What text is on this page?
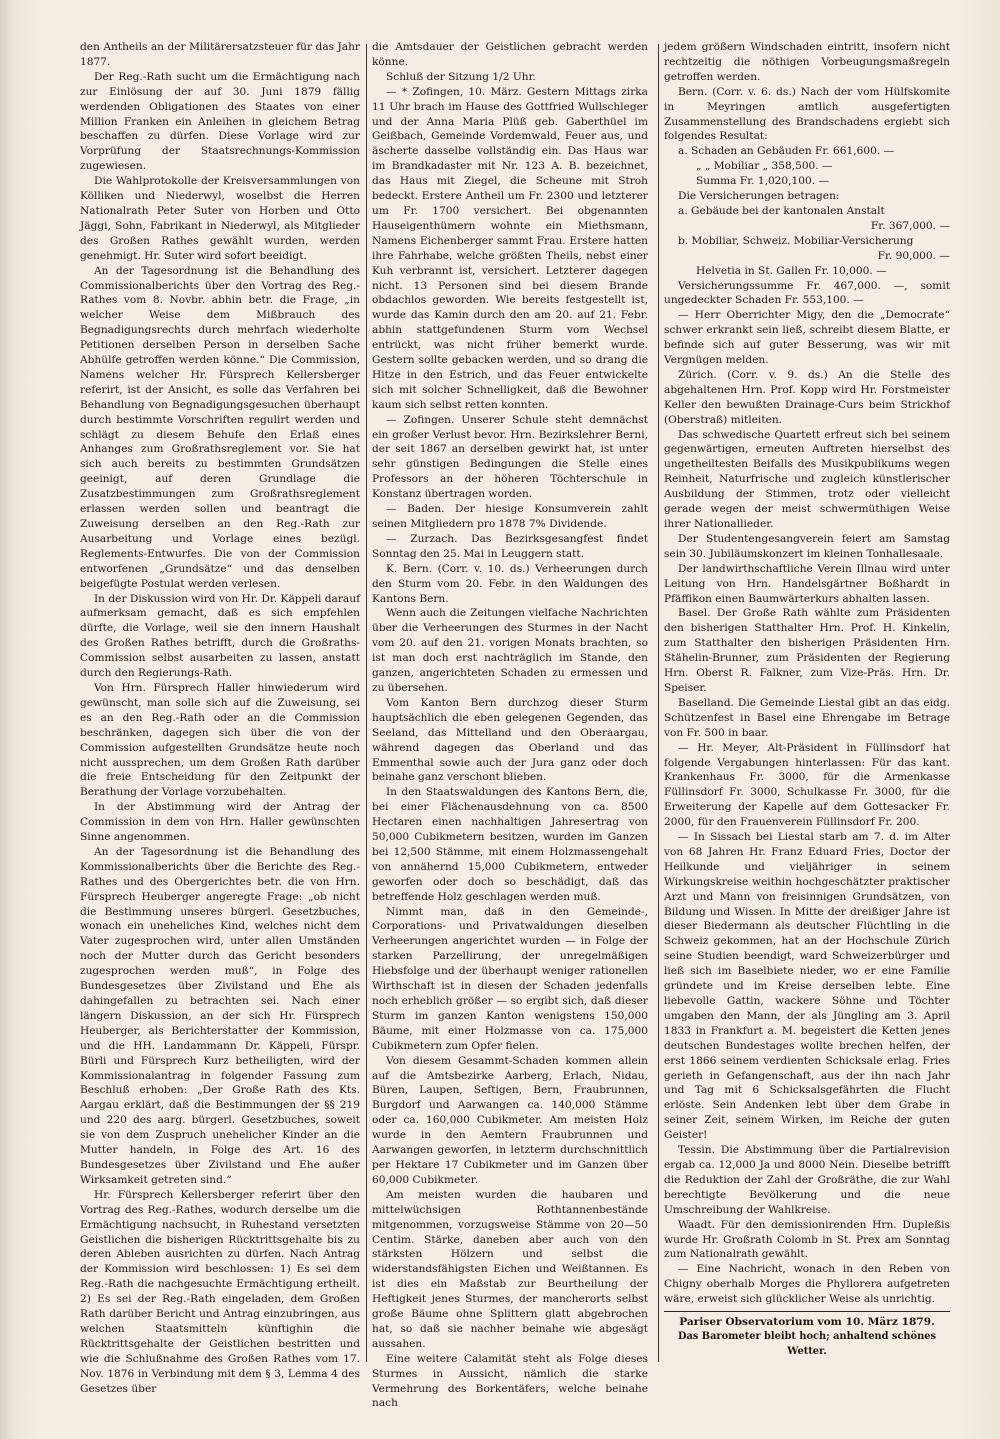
den Antheils an der Militärersatzsteuer für das Jahr 1877.

Der Reg.-Rath sucht um die Ermächtigung nach zur Einlösung der auf 30. Juni 1879 fällig werdenden Obligationen des Staates von einer Million Franken ein Anleihen in gleichem Betrag beschaffen zu dürfen. Diese Vorlage wird zur Vorprüfung der Staatsrechnungs-Kommission zugewiesen.

Die Wahlprotokolle der Kreisversammlungen von Kölliken und Niederwyl, woselbst die Herren Nationalrath Peter Suter von Horben und Otto Jäggi, Sohn, Fabrikant in Niederwyl, als Mitglieder des Großen Rathes gewählt wurden, werden genehmigt. Hr. Suter wird sofort beeidigt.

An der Tagesordnung ist die Behandlung des Commissionalberichts über den Vortrag des Reg.-Rathes vom 8. Novbr. abhin betr. die Frage, „in welcher Weise dem Mißbrauch des Begnadigungsrechts durch mehrfach wiederholte Petitionen derselben Person in derselben Sache Abhülfe getroffen werden könne.“ Die Commission, Namens welcher Hr. Fürsprech Kellersberger referirt, ist der Ansicht, es solle das Verfahren bei Behandlung von Begnadigungsgesuchen überhaupt durch bestimmte Vorschriften regulirt werden und schlägt zu diesem Behufe den Erlaß eines Anhanges zum Großrathsreglement vor. Sie hat sich auch bereits zu bestimmten Grundsätzen geeinigt, auf deren Grundlage die Zusatzbestimmungen zum Großrathsreglement erlassen werden sollen und beantragt die Zuweisung derselben an den Reg.-Rath zur Ausarbeitung und Vorlage eines bezügl. Reglements-Entwurfes. Die von der Commission entworfenen „Grundsätze“ und das denselben beigefügte Postulat werden verlesen.

In der Diskussion wird von Hr. Dr. Käppeli darauf aufmerksam gemacht, daß es sich empfehlen dürfte, die Vorlage, weil sie den innern Haushalt des Großen Rathes betrifft, durch die Großraths-Commission selbst ausarbeiten zu lassen, anstatt durch den Regierungs-Rath.

Von Hrn. Fürsprech Haller hinwiederum wird gewünscht, man solle sich auf die Zuweisung, sei es an den Reg.-Rath oder an die Commission beschränken, dagegen sich über die von der Commission aufgestellten Grundsätze heute noch nicht aussprechen, um dem Großen Rath darüber die freie Entscheidung für den Zeitpunkt der Berathung der Vorlage vorzubehalten.

In der Abstimmung wird der Antrag der Commission in dem von Hrn. Haller gewünschten Sinne angenommen.

An der Tagesordnung ist die Behandlung des Kommissionalberichts über die Berichte des Reg.-Rathes und des Obergerichtes betr. die von Hrn. Fürsprech Heuberger angeregte Frage: „ob nicht die Bestimmung unseres bürgerl. Gesetzbuches, wonach ein uneheliches Kind, welches nicht dem Vater zugesprochen wird, unter allen Umständen noch der Mutter durch das Gericht besonders zugesprochen werden muß“, in Folge des Bundesgesetzes über Zivilstand und Ehe als dahingefallen zu betrachten sei. Nach einer längern Diskussion, an der sich Hr. Fürsprech Heuberger, als Berichterstatter der Kommission, und die HH. Landammann Dr. Käppeli, Fürspr. Bürli und Fürsprech Kurz betheiligten, wird der Kommissionalantrag in folgender Fassung zum Beschluß erhoben: „Der Große Rath des Kts. Aargau erklärt, daß die Bestimmungen der §§ 219 und 220 des aarg. bürgerl. Gesetzbuches, soweit sie von dem Zuspruch unehelicher Kinder an die Mutter handeln, in Folge des Art. 16 des Bundesgesetzes über Zivilstand und Ehe außer Wirksamkeit getreten sind.“

Hr. Fürsprech Kellersberger referirt über den Vortrag des Reg.-Rathes, wodurch derselbe um die Ermächtigung nachsucht, in Ruhestand versetzten Geistlichen die bisherigen Rücktrittsgehalte bis zu deren Ableben ausrichten zu dürfen. Nach Antrag der Kommission wird beschlossen: 1) Es sei dem Reg.-Rath die nachgesuchte Ermächtigung ertheilt. 2) Es sei der Reg.-Rath eingeladen, dem Großen Rath darüber Bericht und Antrag einzubringen, aus welchen Staatsmitteln künftighin die Rücktrittsgehalte der Geistlichen bestritten und wie die Schlußnahme des Großen Rathes vom 17. Nov. 1876 in Verbindung mit dem § 3, Lemma 4 des Gesetzes über

die Amtsdauer der Geistlichen gebracht werden könne.

Schluß der Sitzung 1/2 Uhr.

— * Zofingen, 10. März. Gestern Mittags zirka 11 Uhr brach im Hause des Gottfried Wullschleger und der Anna Maria Plüß geb. Gaberthüel im Geißbach, Gemeinde Vordemwald, Feuer aus, und äscherte dasselbe vollständig ein. Das Haus war im Brandkadaster mit Nr. 123 A. B. bezeichnet, das Haus mit Ziegel, die Scheune mit Stroh bedeckt. Erstere Antheil um Fr. 2300 und letzterer um Fr. 1700 versichert. Bei obgenannten Hauseigenthümern wohnte ein Miethsmann, Namens Eichenberger sammt Frau. Erstere hatten ihre Fahrhabe, welche größten Theils, nebst einer Kuh verbrannt ist, versichert. Letzterer dagegen nicht. 13 Personen sind bei diesem Brande obdachlos geworden. Wie bereits festgestellt ist, wurde das Kamin durch den am 20. auf 21. Febr. abhin stattgefundenen Sturm vom Wechsel entrückt, was nicht früher bemerkt wurde. Gestern sollte gebacken werden, und so drang die Hitze in den Estrich, und das Feuer entwickelte sich mit solcher Schnelligkeit, daß die Bewohner kaum sich selbst retten konnten.

— Zofingen. Unserer Schule steht demnächst ein großer Verlust bevor. Hrn. Bezirkslehrer Berni, der seit 1867 an derselben gewirkt hat, ist unter sehr günstigen Bedingungen die Stelle eines Professors an der höheren Töchterschule in Konstanz übertragen worden.

— Baden. Der hiesige Konsumverein zahlt seinen Mitgliedern pro 1878 7% Dividende.

— Zurzach. Das Bezirksgesangfest findet Sonntag den 25. Mai in Leuggern statt.

K. Bern. (Corr. v. 10. ds.) Verheerungen durch den Sturm vom 20. Febr. in den Waldungen des Kantons Bern.

Wenn auch die Zeitungen vielfache Nachrichten über die Verheerungen des Sturmes in der Nacht vom 20. auf den 21. vorigen Monats brachten, so ist man doch erst nachträglich im Stande, den ganzen, angerichteten Schaden zu ermessen und zu übersehen.

Vom Kanton Bern durchzog dieser Sturm hauptsächlich die eben gelegenen Gegenden, das Seeland, das Mittelland und den Oberaargau, während dagegen das Oberland und das Emmenthal sowie auch der Jura ganz oder doch beinahe ganz verschont blieben.

In den Staatswaldungen des Kantons Bern, die, bei einer Flächenausdehnung von ca. 8500 Hectaren einen nachhaltigen Jahresertrag von 50,000 Cubikmetern besitzen, wurden im Ganzen bei 12,500 Stämme, mit einem Holzmassengehalt von annähernd 15,000 Cubikmetern, entweder geworfen oder doch so beschädigt, daß das betreffende Holz geschlagen werden muß.

Nimmt man, daß in den Gemeinde-, Corporations- und Privatwaldungen dieselben Verheerungen angerichtet wurden — in Folge der starken Parzellirung, der unregelmäßigen Hiebsfolge und der überhaupt weniger rationellen Wirthschaft ist in diesen der Schaden jedenfalls noch erheblich größer — so ergibt sich, daß dieser Sturm im ganzen Kanton wenigstens 150,000 Bäume, mit einer Holzmasse von ca. 175,000 Cubikmetern zum Opfer fielen.

Von diesem Gesammt-Schaden kommen allein auf die Amtsbezirke Aarberg, Erlach, Nidau, Büren, Laupen, Seftigen, Bern, Fraubrunnen, Burgdorf und Aarwangen ca. 140,000 Stämme oder ca. 160,000 Cubikmeter. Am meisten Holz wurde in den Aemtern Fraubrunnen und Aarwangen geworfen, in letzterm durchschnittlich per Hektare 17 Cubikmeter und im Ganzen über 60,000 Cubikmeter.

Am meisten wurden die haubaren und mittelwüchsigen Rothtannenbestände mitgenommen, vorzugsweise Stämme von 20—50 Centim. Stärke, daneben aber auch von den stärksten Hölzern und selbst die widerstandsfähigsten Eichen und Weißtannen. Es ist dies ein Maßstab zur Beurtheilung der Heftigkeit jenes Sturmes, der mancherorts selbst große Bäume ohne Splittern glatt abgebrochen hat, so daß sie nachher beinahe wie abgesägt aussahen.

Eine weitere Calamität steht als Folge dieses Sturmes in Aussicht, nämlich die starke Vermehrung des Borkentäfers, welche beinahe nach

jedem größern Windschaden eintritt, insofern nicht rechtzeitig die nöthigen Vorbeugungsmaßregeln getroffen werden.

Bern. (Corr. v. 6. ds.) Nach der vom Hülfskomite in Meyringen amtlich ausgefertigten Zusammenstellung des Brandschadens ergiebt sich folgendes Resultat:

a. Schaden an Gebäuden Fr. 661,600. —

„ „ Mobiliar „ 358,500. —

Summa Fr. 1,020,100. —

Die Versicherungen betragen:

a. Gebäude bei der kantonalen Anstalt

Fr. 367,000. —

b. Mobiliar, Schweiz. Mobiliar-Versicherung

Fr. 90,000. —

Helvetia in St. Gallen Fr. 10,000. —

Versicherungssumme Fr. 467,000. —, somit ungedeckter Schaden Fr. 553,100. —

— Herr Oberrichter Migy, den die „Democrate“ schwer erkrankt sein ließ, schreibt diesem Blatte, er befinde sich auf guter Besserung, was wir mit Vergnügen melden.

Zürich. (Corr. v. 9. ds.) An die Stelle des abgehaltenen Hrn. Prof. Kopp wird Hr. Forstmeister Keller den bewußten Drainage-Curs beim Strickhof (Oberstraß) mitleiten.

Das schwedische Quartett erfreut sich bei seinem gegenwärtigen, erneuten Auftreten hierselbst des ungetheiltesten Beifalls des Musikpublikums wegen Reinheit, Naturfrische und zugleich künstlerischer Ausbildung der Stimmen, trotz oder vielleicht gerade wegen der meist schwermüthigen Weise ihrer Nationallieder.

Der Studentengesangverein feiert am Samstag sein 30. Jubiläumskonzert im kleinen Tonhallesaale.

Der landwirthschaftliche Verein Illnau wird unter Leitung von Hrn. Handelsgärtner Boßhardt in Pfäffikon einen Baumwärterkurs abhalten lassen.

Basel. Der Große Rath wählte zum Präsidenten den bisherigen Statthalter Hrn. Prof. H. Kinkelin, zum Statthalter den bisherigen Präsidenten Hrn. Stähelin-Brunner, zum Präsidenten der Regierung Hrn. Oberst R. Falkner, zum Vize-Präs. Hrn. Dr. Speiser.

Baselland. Die Gemeinde Liestal gibt an das eidg. Schützenfest in Basel eine Ehrengabe im Betrage von Fr. 500 in baar.

— Hr. Meyer, Alt-Präsident in Füllinsdorf hat folgende Vergabungen hinterlassen: Für das kant. Krankenhaus Fr. 3000, für die Armenkasse Füllinsdorf Fr. 3000, Schulkasse Fr. 3000, für die Erweiterung der Kapelle auf dem Gottesacker Fr. 2000, für den Frauenverein Füllinsdorf Fr. 200.

— In Sissach bei Liestal starb am 7. d. im Alter von 68 Jahren Hr. Franz Eduard Fries, Doctor der Heilkunde und vieljähriger in seinem Wirkungskreise weithin hochgeschätzter praktischer Arzt und Mann von freisinnigen Grundsätzen, von Bildung und Wissen. In Mitte der dreißiger Jahre ist dieser Biedermann als deutscher Flüchtling in die Schweiz gekommen, hat an der Hochschule Zürich seine Studien beendigt, ward Schweizerbürger und ließ sich im Baselbiete nieder, wo er eine Familie gründete und im Kreise derselben lebte. Eine liebevolle Gattin, wackere Söhne und Töchter umgaben den Mann, der als Jüngling am 3. April 1833 in Frankfurt a. M. begeistert die Ketten jenes deutschen Bundestages wollte brechen helfen, der erst 1866 seinem verdienten Schicksale erlag. Fries gerieth in Gefangenschaft, aus der ihn nach Jahr und Tag mit 6 Schicksalsgefährten die Flucht erlöste. Sein Andenken lebt über dem Grabe in seiner Zeit, seinem Wirken, im Reiche der guten Geister!

Tessin. Die Abstimmung über die Partialrevision ergab ca. 12,000 Ja und 8000 Nein. Dieselbe betrifft die Reduktion der Zahl der Großräthe, die zur Wahl berechtigte Bevölkerung und die neue Umschreibung der Wahlkreise.

Waadt. Für den demissionirenden Hrn. Dupleßis wurde Hr. Großrath Colomb in St. Prex am Sonntag zum Nationalrath gewählt.

— Eine Nachricht, wonach in den Reben von Chigny oberhalb Morges die Phyllorera aufgetreten wäre, erweist sich glücklicher Weise als unrichtig.

Pariser Observatorium vom 10. März 1879.

Das Barometer bleibt hoch; anhaltend schönes Wetter.
